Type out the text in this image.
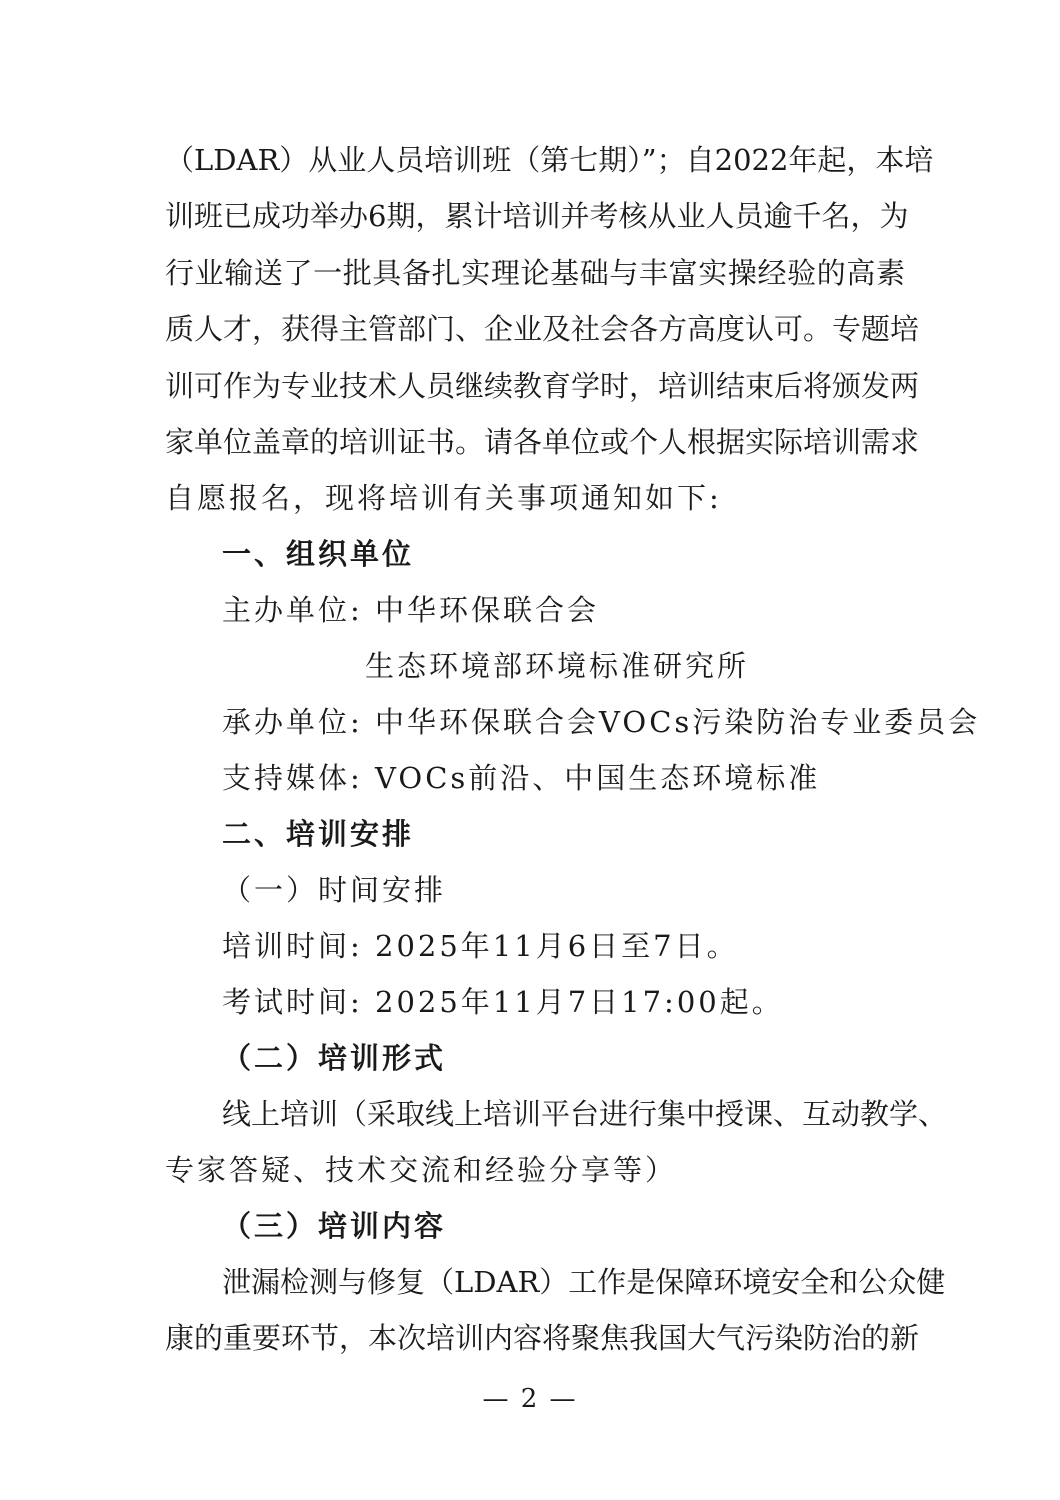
（LDAR）从业人员培训班（第七期）”；自2022年起，本培
训班已成功举办6期，累计培训并考核从业人员逾千名，为
行业输送了一批具备扎实理论基础与丰富实操经验的高素
质人才，获得主管部门、企业及社会各方高度认可。专题培
训可作为专业技术人员继续教育学时，培训结束后将颁发两
家单位盖章的培训证书。请各单位或个人根据实际培训需求
自愿报名，现将培训有关事项通知如下:
一、组织单位
主办单位: 中华环保联合会
生态环境部环境标准研究所
承办单位: 中华环保联合会VOCs污染防治专业委员会
支持媒体: VOCs前沿、中国生态环境标准
二、培训安排
（一）时间安排
培训时间: 2025年11月6日至7日。
考试时间: 2025年11月7日17:00起。
（二）培训形式
线上培训（采取线上培训平台进行集中授课、互动教学、
专家答疑、技术交流和经验分享等）
（三）培训内容
泄漏检测与修复（LDAR）工作是保障环境安全和公众健
康的重要环节，本次培训内容将聚焦我国大气污染防治的新
— 2 —
